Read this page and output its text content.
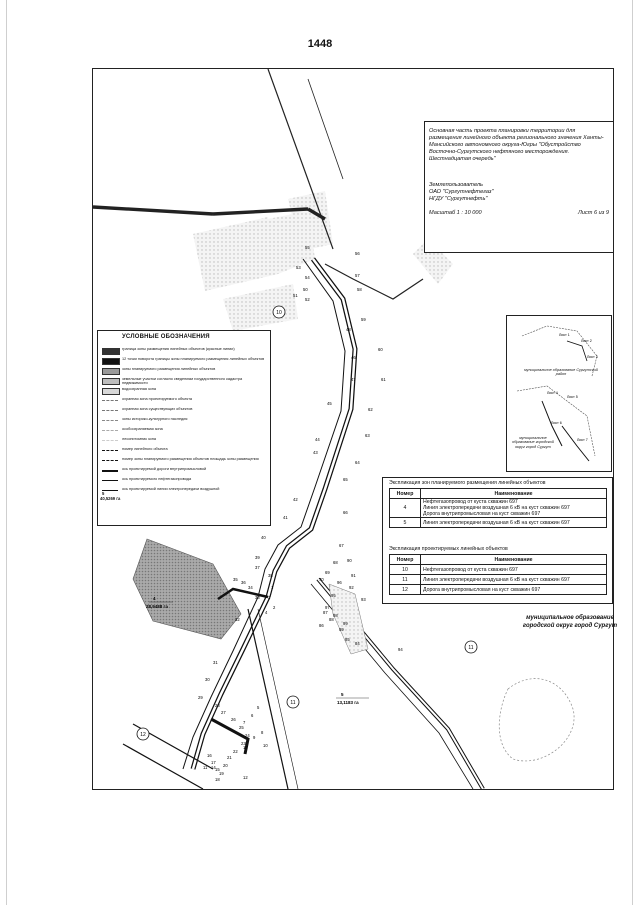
1448
10
11
11
12
4
28,9488 га
5
13,1183 га
50
51
52
53
54
55
56
57
58
59
60
61
62
63
64
65
66
67
68
69
70
48
47
46
45
44
43
42
41
40
39
38
37
36
35
34
33
32
31
30
29
28
27
26
25
24
23
22
21
20
19
18
17
16
15
14
13
12
11
10
9
8
7
6
5
4
3
2
1
90
91
92
93
94
95
96
97
98
99
87
88
89
86
85
84
Основная часть проекта планировки территории для размещения линейного объекта регионального значения Ханты-Мансийского автономного округа-Югры "Обустройство Восточно-Сургутского нефтяного месторождения. Шестнадцатая очередь"
Землепользователь
ОАО "Сургутнефтегаз"
НГДУ "Сургутнефть"
Масштаб 1 : 10 000	Лист 6 из 9
УСЛОВНЫЕ ОБОЗНАЧЕНИЯ
граница зоны размещения линейных объектов (красные линии)
12 точки поворота границы зоны планируемого размещения линейных объектов
зоны планируемого размещения линейных объектов
земельные участки согласно сведениям государственного кадастра недвижимости
водоохранная зона
охранная зона проектируемого объекта
охранная зона существующих объектов
зоны историко-культурного наследия
особоохраняемая зона
лесопитомник зона
номер линейного объекта
номер зоны планируемого размещения объектов площадь зоны размещения
ось проектируемой дороги внутрипромысловой
ось проектируемого нефтегазопровода
ось проектируемой линии электропередачи воздушной
5
40,5269 га
Лист 1
Лист 2
Лист 3
Лист 4
Лист 5
Лист 6
Лист 7
муниципальное образование Сургутский район
муниципальное образование городской округ город Сургут
Экспликация зон планируемого размещения линейных объектов
Номер	Наименование
4	Нефтегазопровод от куста скважин 697
Линия электропередачи воздушная 6 кВ на куст скважин 697
Дорога внутрипромысловая на куст скважин 697

5	Линия электропередачи воздушная 6 кВ на куст скважин 697
Экспликация проектируемых линейных объектов
Номер	Наименование
10	Нефтегазопровод от куста скважин 697
11	Линия электропередачи воздушная 6 кВ на куст скважин 697
12	Дорога внутрипромысловая на куст скважин 697
муниципальное образование
городской округ город Сургут
